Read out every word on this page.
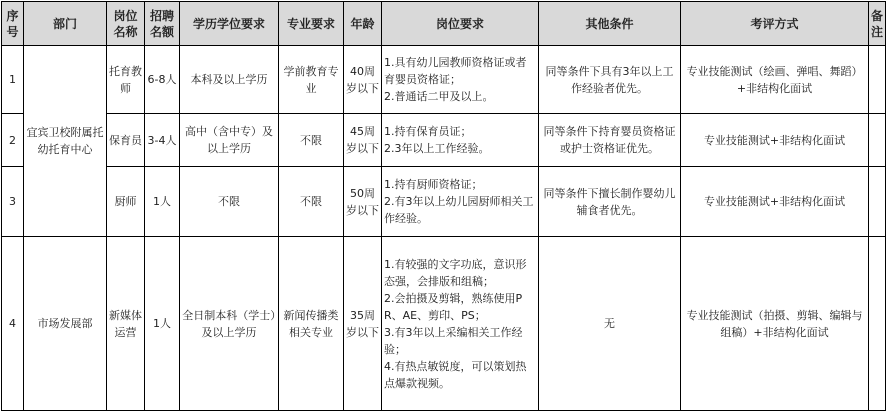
序号	部门	岗位名称	招聘名额	学历学位要求	专业要求	年龄	岗位要求	其他条件	考评方式	备注
1	宜宾卫校附属托幼托育中心	托育教师	6-8人	本科及以上学历	学前教育专业	40周岁以下	1.具有幼儿园教师资格证或者育婴员资格证；
2.普通话二甲及以上。	同等条件下具有3年以上工作经验者优先。	专业技能测试（绘画、弹唱、舞蹈）+非结构化面试	
2		保育员	3-4人	高中（含中专）及以上学历	不限	45周岁以下	1.持有保育员证；
2.3年以上工作经验。	同等条件下持育婴员资格证或护士资格证优先。	专业技能测试+非结构化面试	
3		厨师	1人	不限	不限	50周岁以下	1.持有厨师资格证；
2.有3年以上幼儿园厨师相关工作经验。	同等条件下擅长制作婴幼儿辅食者优先。	专业技能测试+非结构化面试	
4	市场发展部	新媒体运营	1人	全日制本科（学士）及以上学历	新闻传播类相关专业	35周岁以下	1.有较强的文字功底，意识形态强，会排版和组稿；
2.会拍摄及剪辑，熟练使用PR、AE、剪印、PS；
3.有3年以上采编相关工作经验；
4.有热点敏锐度，可以策划热点爆款视频。	无	专业技能测试（拍摄、剪辑、编辑与组稿）+非结构化面试	
